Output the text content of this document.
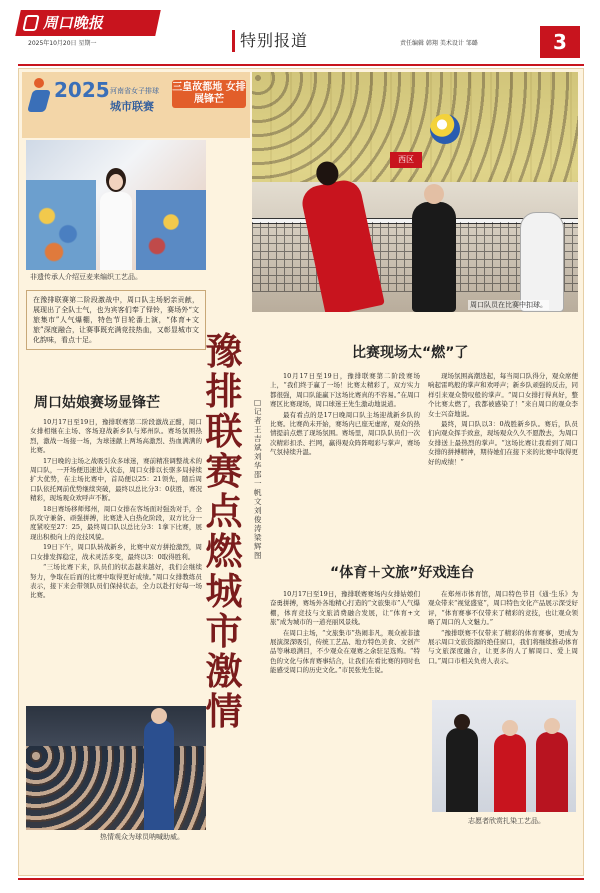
周口晚报
2025年10月20日 星期一	特别报道	责任编辑 韩翔 美术设计 邹璐	3
2025 河南省女子排球
城市联赛
三皇故都地 女排展锋芒
非遗传承人介绍豆麦来编织工艺品。
在豫排联赛第二阶段激战中，周口队主场躬亲贡献，展现出了全队士气，也为宾客们奉了铎铃，赛场外“文旅集市”人气爆棚，特色节目轮番上演，“体育+文旅”深度融合，让赛事既充满竞技热血，又彰显城市文化韵味，看点十足。
周口姑娘赛场显锋芒

10月17日至19日，豫排联赛第二阶段激战正酣，周口女排相继在主场、客场迎战新乡队与郑州队。赛场氛围热烈，激战一场接一场，为球迷献上两场高激烈、热血满满的比赛。

17日晚的主场之战吸引众多球迷，赛前精准调整战术的周口队，一开场便迅速进入状态，周口女排以长驱多局持续扩大优势，在主场比赛中，首局便以25：21领先，随后周口队依托网前优势继续突破，最终以总比分3：0获胜，赛况精彩，现场观众欢呼声不断。

18日赛场移师郑州，周口女排在客场面对强劲对手，全队攻守兼备、顽强拼搏，比赛进入白热化阶段，双方比分一度紧咬至27：25，最终周口队以总比分3：1拿下比赛，展现出积极向上的竞技风貌。

19日下午，周口队转战新乡，比赛中双方拼抢激烈，周口女排发挥稳定，战术灵活多变，最终以3：0取得胜利。

“三场比赛下来，队员们的状态越来越好，我们会继续努力，争取在后面的比赛中取得更好成绩。”周口女排教练员表示，接下来会带领队员们保持状态，全力以赴打好每一场比赛。

热情观众为球员呐喊助威。
豫排联赛点燃城市激情
□记者 王吉斌 刘华 邵一帆 文 刘俊涛 梁辉 图
西区
周口队员在比赛中扣球。
比赛现场太“燃”了

10月17日至19日，豫排联赛第二阶段赛场上，“我们终于赢了一场！比赛太精彩了，双方实力都很强，周口队能赢下这场比赛真的不容易。”在周口赛区比赛现场，周口球迷王先生激动地说道。

最有看点的是17日晚周口队主场迎战新乡队的比赛。比赛尚未开始，赛场内已座无虚席，观众的热情提前点燃了现场氛围。赛场里，周口队队员们一次次精彩扣杀、拦网，赢得观众阵阵喝彩与掌声，赛场气氛持续升温。

现场氛围高潮迭起，每当周口队得分，观众席便响起雷鸣般的掌声和欢呼声；新乡队顽强的反击，同样引来观众赞叹般的掌声。“周口女排打得真好，整个比赛太燃了，我都被感染了！”来自周口的观众李女士兴奋地说。

最终，周口队以3：0战胜新乡队。赛后，队员们向观众挥手致意，现场观众久久不愿散去，为周口女排送上最热烈的掌声。“这场比赛让我看到了周口女排的拼搏精神，期待她们在接下来的比赛中取得更好的成绩！”

“体育＋文旅”好戏连台

10月17日至19日，豫排联赛赛场内女排姑娘们奋勇拼搏，赛场外各地精心打造的“文旅集市”人气爆棚，体育竞技与文旅消费融合发展，让“体育+文旅”成为城市的一道亮丽风景线。

在周口主场，“文旅集市”热闹非凡，观众被非遗展演深深吸引，传统工艺品、地方特色美食、文创产品等琳琅满目，不少观众在观赛之余驻足选购。“特色的文化与体育赛事结合，让我们在看比赛的同时也能感受周口的历史文化。”市民张先生说。

在郑州市体育馆，周口特色节目《通·生乐》为观众带来“视觉盛宴”，周口特色文化产品展示深受好评，“体育赛事不仅带来了精彩的竞技，也让观众领略了周口的人文魅力。”

“豫排联赛不仅带来了精彩的体育赛事，更成为展示周口文旅资源的绝佳窗口，我们将继续推动体育与文旅深度融合，让更多的人了解周口、爱上周口。”周口市相关负责人表示。

志愿者欣赏扎染工艺品。
